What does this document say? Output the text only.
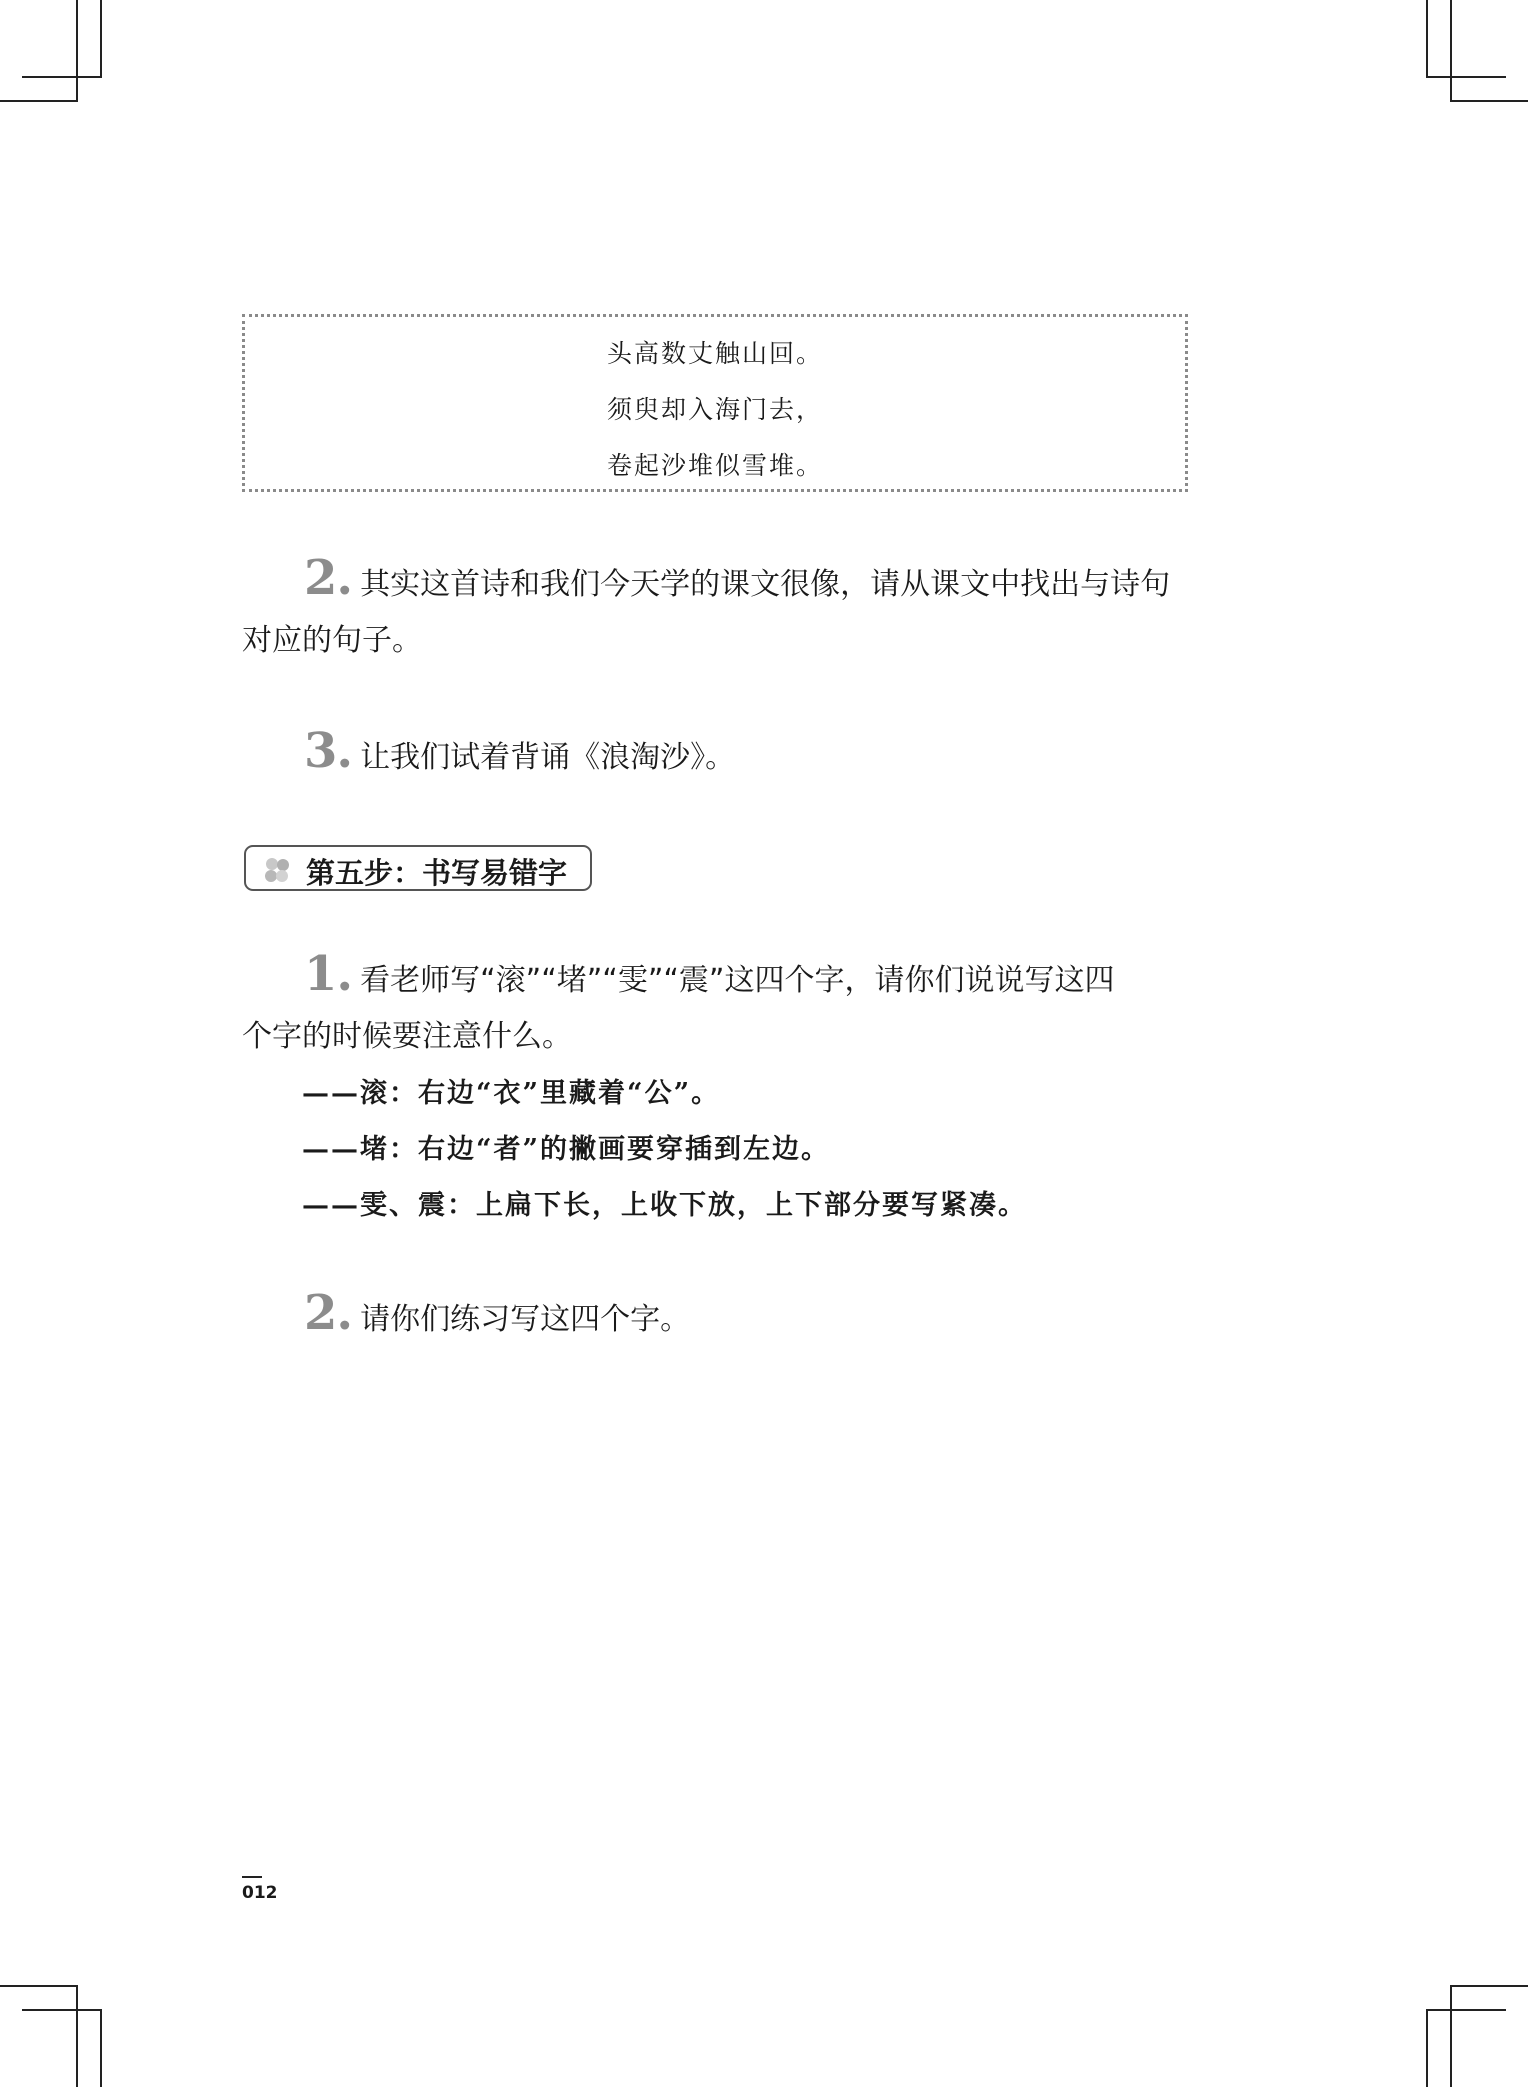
头高数丈触山回。
须臾却入海门去，
卷起沙堆似雪堆。
2. 其实这首诗和我们今天学的课文很像，请从课文中找出与诗句
对应的句子。
3. 让我们试着背诵《浪淘沙》。
第五步：书写易错字
1. 看老师写“滚”“堵”“雯”“震”这四个字，请你们说说写这四
个字的时候要注意什么。
——滚：右边“衣”里藏着“公”。
——堵：右边“者”的撇画要穿插到左边。
——雯、震：上扁下长，上收下放，上下部分要写紧凑。
2. 请你们练习写这四个字。
012
